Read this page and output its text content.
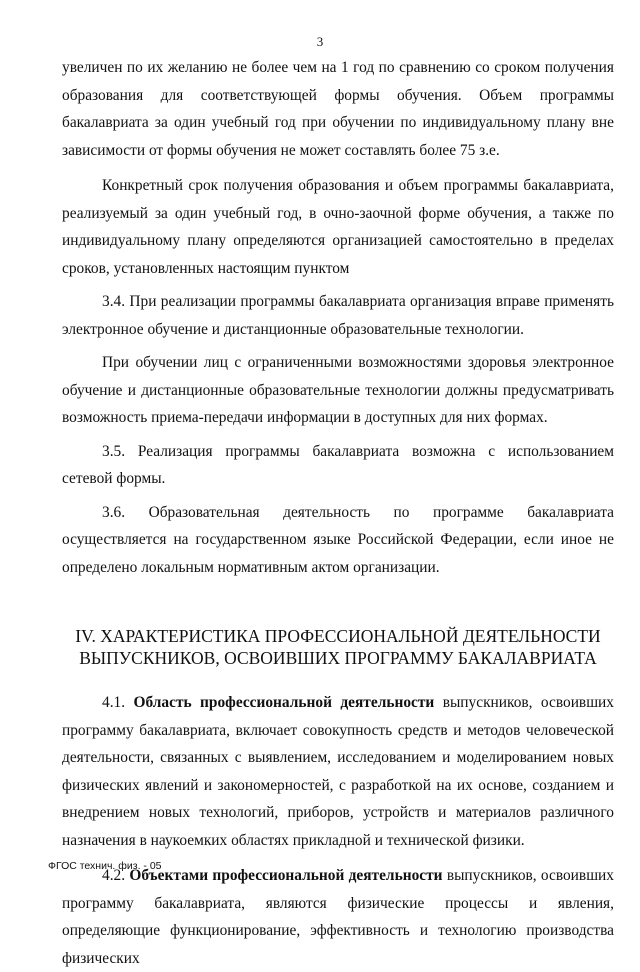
3

увеличен по их желанию не более чем на 1 год по сравнению со сроком получения образования для соответствующей формы обучения. Объем программы бакалавриата за один учебный год при обучении по индивидуальному плану вне зависимости от формы обучения не может составлять более 75 з.е.

Конкретный срок получения образования и объем программы бакалавриата, реализуемый за один учебный год, в очно-заочной форме обучения, а также по индивидуальному плану определяются организацией самостоятельно в пределах сроков, установленных настоящим пунктом

3.4. При реализации программы бакалавриата организация вправе применять электронное обучение и дистанционные образовательные технологии.

При обучении лиц с ограниченными возможностями здоровья электронное обучение и дистанционные образовательные технологии должны предусматривать возможность приема-передачи информации в доступных для них формах.

3.5. Реализация программы бакалавриата возможна с использованием сетевой формы.

3.6. Образовательная деятельность по программе бакалавриата осуществляется на государственном языке Российской Федерации, если иное не определено локальным нормативным актом организации.

IV. ХАРАКТЕРИСТИКА ПРОФЕССИОНАЛЬНОЙ ДЕЯТЕЛЬНОСТИ
ВЫПУСКНИКОВ, ОСВОИВШИХ ПРОГРАММУ БАКАЛАВРИАТА

4.1. Область профессиональной деятельности выпускников, освоивших программу бакалавриата, включает совокупность средств и методов человеческой деятельности, связанных с выявлением, исследованием и моделированием новых физических явлений и закономерностей, с разработкой на их основе, созданием и внедрением новых технологий, приборов, устройств и материалов различного назначения в наукоемких областях прикладной и технической физики.

4.2. Объектами профессиональной деятельности выпускников, освоивших программу бакалавриата, являются физические процессы и явления, определяющие функционирование, эффективность и технологию производства физических

ФГОС технич. физ. - 05
